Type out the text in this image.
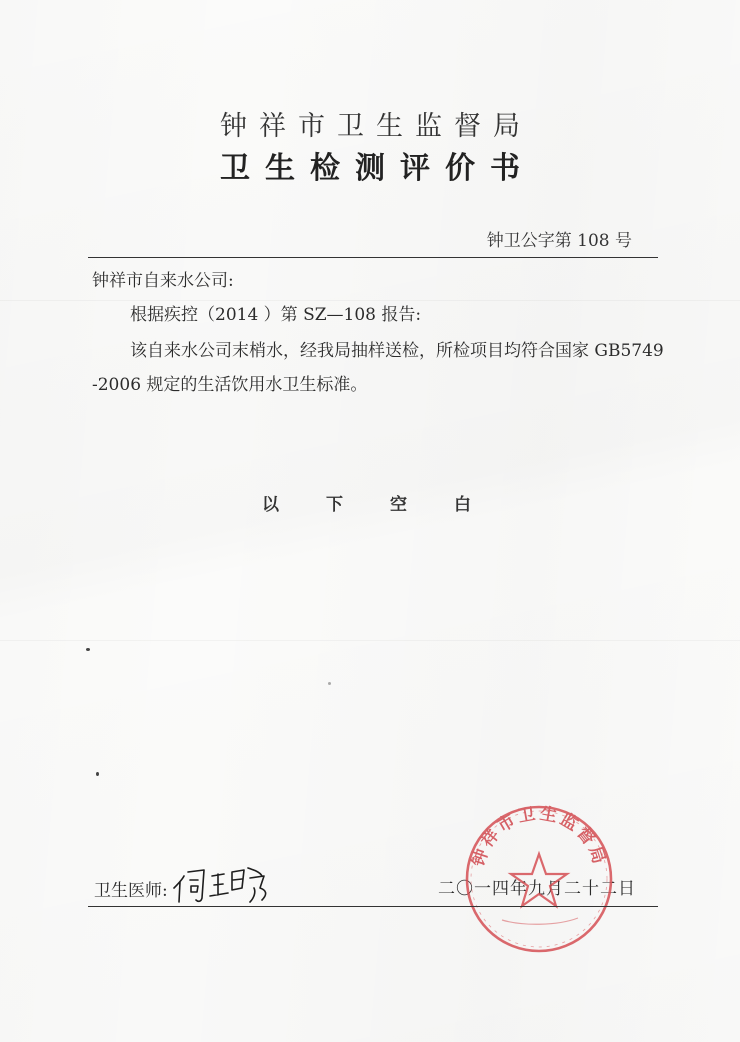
钟祥市卫生监督局
卫生检测评价书
钟卫公字第 108 号
钟祥市自来水公司:
根据疾控（2014 ）第 SZ—108 报告:
该自来水公司末梢水，经我局抽样送检，所检项目均符合国家 GB5749 -2006 规定的生活饮用水卫生标准。
以	下	空	白
卫生医师:	二〇一四年九月二十二日
钟祥市卫生监督局
